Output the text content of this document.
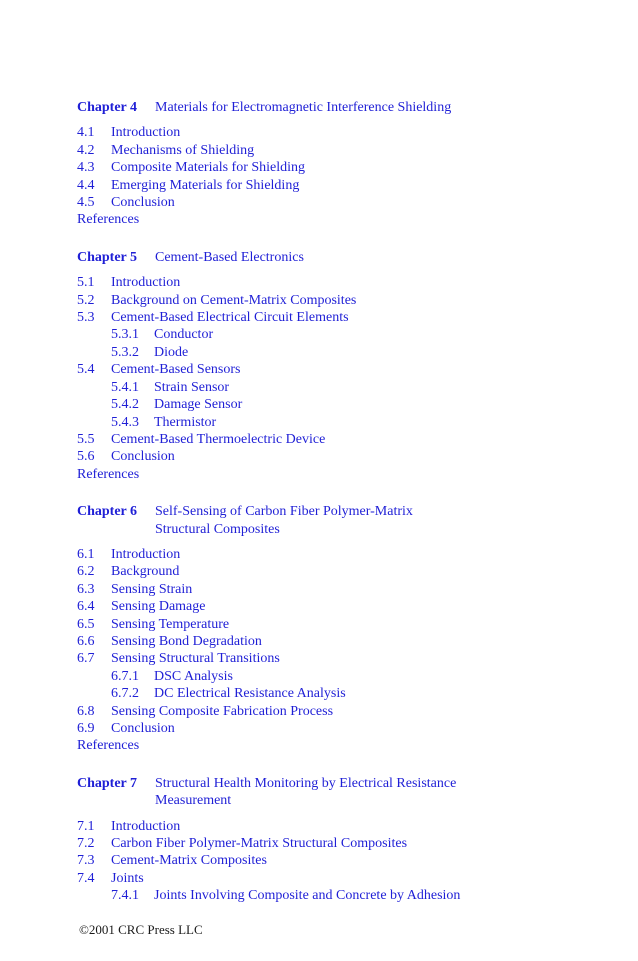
Chapter 4	Materials for Electromagnetic Interference Shielding
4.1	Introduction
4.2	Mechanisms of Shielding
4.3	Composite Materials for Shielding
4.4	Emerging Materials for Shielding
4.5	Conclusion
References
Chapter 5	Cement-Based Electronics
5.1	Introduction
5.2	Background on Cement-Matrix Composites
5.3	Cement-Based Electrical Circuit Elements
5.3.1	Conductor
5.3.2	Diode
5.4	Cement-Based Sensors
5.4.1	Strain Sensor
5.4.2	Damage Sensor
5.4.3	Thermistor
5.5	Cement-Based Thermoelectric Device
5.6	Conclusion
References
Chapter 6	Self-Sensing of Carbon Fiber Polymer-Matrix
Structural Composites
6.1	Introduction
6.2	Background
6.3	Sensing Strain
6.4	Sensing Damage
6.5	Sensing Temperature
6.6	Sensing Bond Degradation
6.7	Sensing Structural Transitions
6.7.1	DSC Analysis
6.7.2	DC Electrical Resistance Analysis
6.8	Sensing Composite Fabrication Process
6.9	Conclusion
References
Chapter 7	Structural Health Monitoring by Electrical Resistance
Measurement
7.1	Introduction
7.2	Carbon Fiber Polymer-Matrix Structural Composites
7.3	Cement-Matrix Composites
7.4	Joints
7.4.1	Joints Involving Composite and Concrete by Adhesion
©2001 CRC Press LLC
